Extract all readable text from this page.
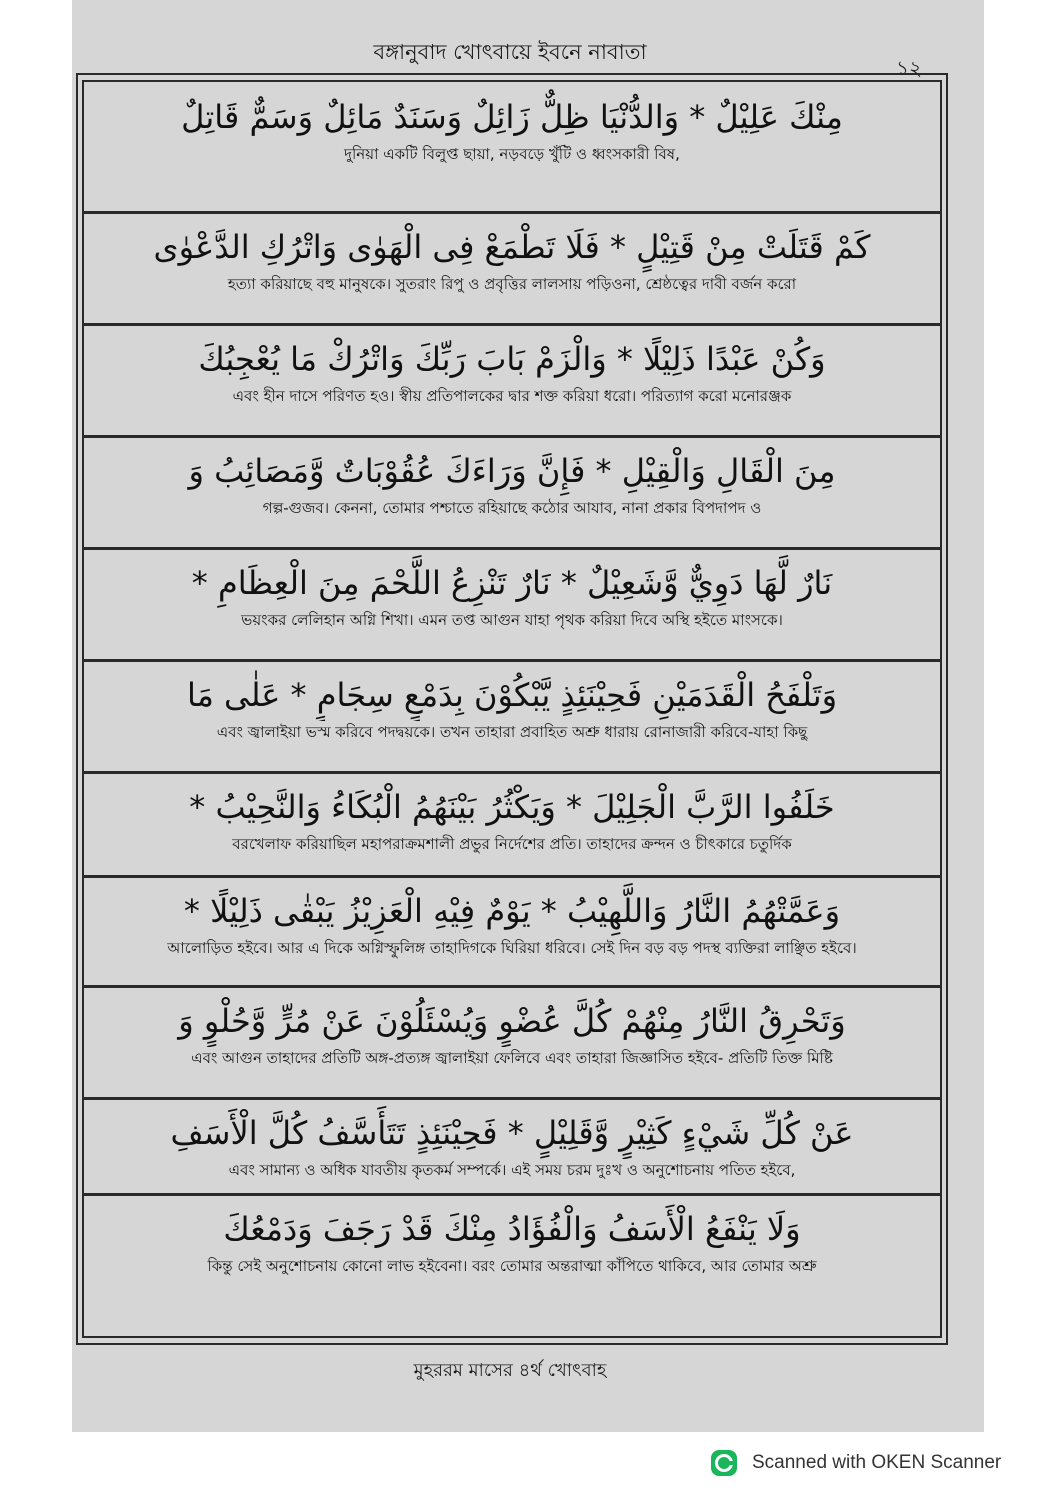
বঙ্গানুবাদ খোৎবায়ে ইবনে নাবাতা
১২
مِنْكَ عَلِيْلٌ * وَالدُّنْيَا ظِلٌّ زَائِلٌ وَسَنَدٌ مَائِلٌ وَسَمٌّ قَاتِلٌ
দুনিয়া একটি বিলুপ্ত ছায়া, নড়বড়ে খুঁটি ও ধ্বংসকারী বিষ,
كَمْ قَتَلَتْ مِنْ قَتِيْلٍ * فَلَا تَطْمَعْ فِى الْهَوٰى وَاتْرُكِ الدَّعْوٰى
হত্যা করিয়াছে বহু মানুষকে। সুতরাং রিপু ও প্রবৃত্তির লালসায় পড়িওনা, শ্রেষ্ঠত্বের দাবী বর্জন করো
وَكُنْ عَبْدًا ذَلِيْلًا * وَالْزَمْ بَابَ رَبِّكَ وَاتْرُكْ مَا يُعْجِبُكَ
এবং হীন দাসে পরিণত হও। স্বীয় প্রতিপালকের দ্বার শক্ত করিয়া ধরো। পরিত্যাগ করো মনোরঞ্জক
مِنَ الْقَالِ وَالْقِيْلِ * فَإِنَّ وَرَاءَكَ عُقُوْبَاتٌ وَّمَصَائِبُ وَ
গল্প-গুজব। কেননা, তোমার পশ্চাতে রহিয়াছে কঠোর আযাব, নানা প্রকার বিপদাপদ ও
نَارٌ لَّهَا دَوِيٌّ وَّشَعِيْلٌ * نَارٌ تَنْزِعُ اللَّحْمَ مِنَ الْعِظَامِ *
ভয়ংকর লেলিহান অগ্নি শিখা। এমন তপ্ত আগুন যাহা পৃথক করিয়া দিবে অস্থি হইতে মাংসকে।
وَتَلْفَحُ الْقَدَمَيْنِ فَحِيْنَئِذٍ يَّبْكُوْنَ بِدَمْعٍ سِجَامٍ * عَلٰى مَا
এবং জ্বালাইয়া ভস্ম করিবে পদদ্বয়কে। তখন তাহারা প্রবাহিত অশ্রু ধারায় রোনাজারী করিবে-যাহা কিছু
خَلَفُوا الرَّبَّ الْجَلِيْلَ * وَيَكْثُرُ بَيْنَهُمُ الْبُكَاءُ وَالنَّحِيْبُ *
বরখেলাফ করিয়াছিল মহাপরাক্রমশালী প্রভুর নির্দেশের প্রতি। তাহাদের ক্রন্দন ও চীৎকারে চতুর্দিক
وَعَمَّتْهُمُ النَّارُ وَاللَّهِيْبُ * يَوْمٌ فِيْهِ الْعَزِيْزُ يَبْقٰى ذَلِيْلًا *
আলোড়িত হইবে। আর এ দিকে অগ্নিস্ফুলিঙ্গ তাহাদিগকে ঘিরিয়া ধরিবে। সেই দিন বড় বড় পদস্থ ব্যক্তিরা লাঞ্ছিত হইবে।
وَتَحْرِقُ النَّارُ مِنْهُمْ كُلَّ عُضْوٍ وَيُسْئَلُوْنَ عَنْ مُرٍّ وَّحُلْوٍ وَ
এবং আগুন তাহাদের প্রতিটি অঙ্গ-প্রত্যঙ্গ জ্বালাইয়া ফেলিবে এবং তাহারা জিজ্ঞাসিত হইবে- প্রতিটি তিক্ত মিষ্টি
عَنْ كُلِّ شَيْءٍ كَثِيْرٍ وَّقَلِيْلٍ * فَحِيْنَئِذٍ تَتَأَسَّفُ كُلَّ الْأَسَفِ
এবং সামান্য ও অধিক যাবতীয় কৃতকর্ম সম্পর্কে। এই সময় চরম দুঃখ ও অনুশোচনায় পতিত হইবে,
وَلَا يَنْفَعُ الْأَسَفُ وَالْفُؤَادُ مِنْكَ قَدْ رَجَفَ وَدَمْعُكَ
কিন্তু সেই অনুশোচনায় কোনো লাভ হইবেনা। বরং তোমার অন্তরাত্মা কাঁপিতে থাকিবে, আর তোমার অশ্রু
মুহররম মাসের ৪র্থ খোৎবাহ
Scanned with OKEN Scanner
